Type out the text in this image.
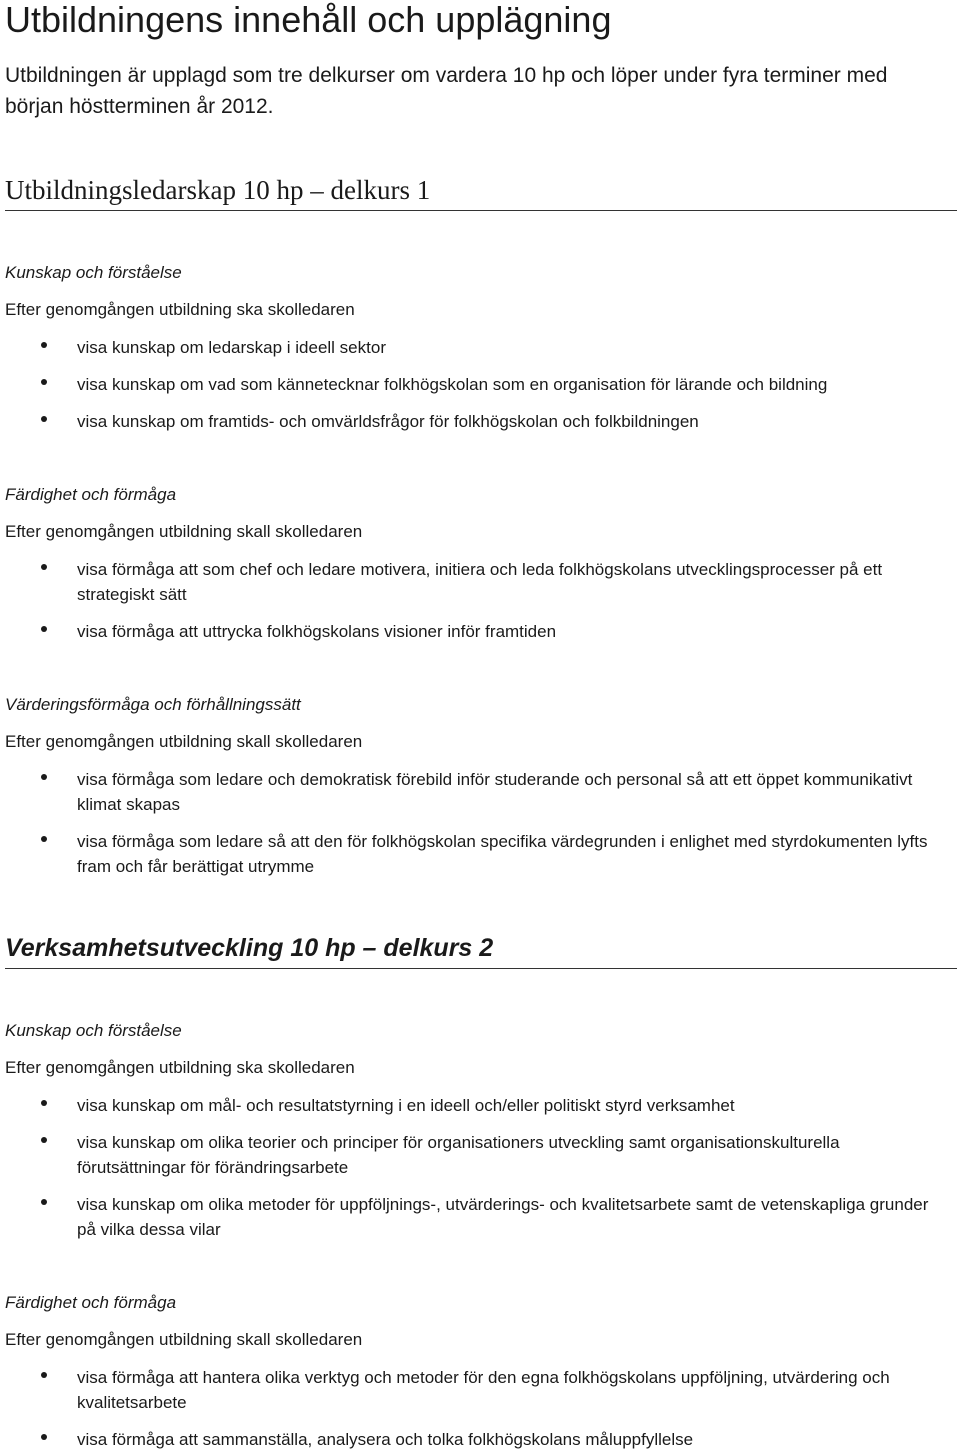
Utbildningens innehåll och upplägning

Utbildningen är upplagd som tre delkurser om vardera 10 hp och löper under fyra terminer med början höstterminen år 2012.

Utbildningsledarskap 10 hp – delkurs 1
Kunskap och förståelse

Efter genomgången utbildning ska skolledaren

visa kunskap om ledarskap i ideell sektor
visa kunskap om vad som kännetecknar folkhögskolan som en organisation för lärande och bildning
visa kunskap om framtids- och omvärldsfrågor för folkhögskolan och folkbildningen
Färdighet och förmåga

Efter genomgången utbildning skall skolledaren

visa förmåga att som chef och ledare motivera, initiera och leda folkhögskolans utvecklingsprocesser på ett strategiskt sätt
visa förmåga att uttrycka folkhögskolans visioner inför framtiden
Värderingsförmåga och förhållningssätt

Efter genomgången utbildning skall skolledaren

visa förmåga som ledare och demokratisk förebild inför studerande och personal så att ett öppet kommunikativt klimat skapas
visa förmåga som ledare så att den för folkhögskolan specifika värdegrunden i enlighet med styrdokumenten lyfts fram och får berättigat utrymme
Verksamhetsutveckling 10 hp – delkurs 2
Kunskap och förståelse

Efter genomgången utbildning ska skolledaren

visa kunskap om mål- och resultatstyrning i en ideell och/eller politiskt styrd verksamhet
visa kunskap om olika teorier och principer för organisationers utveckling samt organisationskulturella förutsättningar för förändringsarbete
visa kunskap om olika metoder för uppföljnings-, utvärderings- och kvalitetsarbete samt de vetenskapliga grunder på vilka dessa vilar
Färdighet och förmåga

Efter genomgången utbildning skall skolledaren

visa förmåga att hantera olika verktyg och metoder för den egna folkhögskolans uppföljning, utvärdering och kvalitetsarbete
visa förmåga att sammanställa, analysera och tolka folkhögskolans måluppfyllelse
